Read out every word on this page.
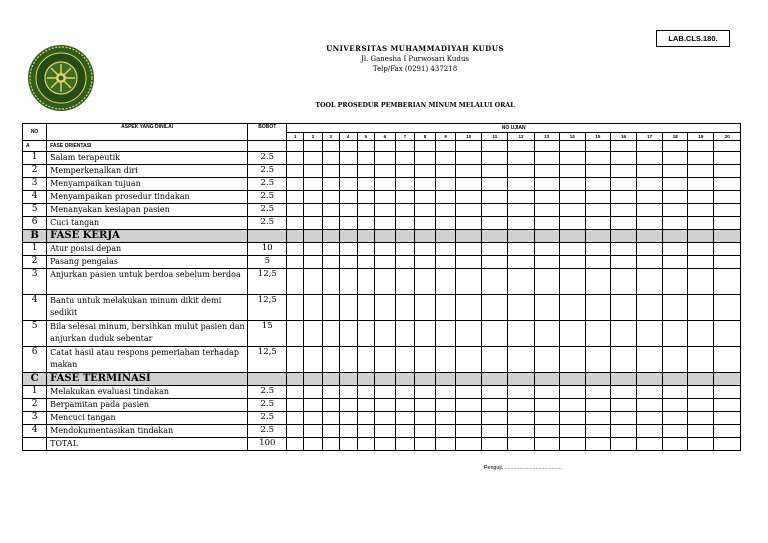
LAB.CLS.180.
UNIVERSITAS MUHAMMADIYAH KUDUS
Jl. Ganesha I Purwosari Kudus
Telp/Fax (0291) 437218
TOOL PROSEDUR PEMBERIAN MINUM MELALUI ORAL
NO	ASPEK YANG DINILAI	BOBOT	NO UJIAN																			
			1	2	3	4	5	6	7	8	9	10	11	12	13	14	15	16	17	18	19	20
A	FASE ORIENTASI																					
1	Salam terapeutik	2.5																				
2	Memperkenalkan diri	2.5																				
3	Menyampaikan tujuan	2.5																				
4	Menyampaikan prosedur tindakan	2.5																				
5	Menanyakan kesiapan pasien	2.5																				
6	Cuci tangan	2.5																				
B	FASE KERJA																					
1	Atur posisi depan	10																				
2	Pasang pengalas	5																				
3	Anjurkan pasien untuk berdoa sebelum berdoa	12,5																				
4	Bantu untuk melakukan minum dikit demi sedikit	12,5																				
5	Bila selesai minum, bersihkan mulut pasien dan anjurkan duduk sebentar	15																				
6	Catat hasil atau respons pemeriahan terhadap makan	12,5																				
C	FASE TERMINASI																					
1	Melakukan evaluasi tindakan	2.5																				
2	Berpamitan pada pasien	2.5																				
3	Mencuci tangan	2.5																				
4	Mendokumentasikan tindakan	2.5																				
	TOTAL	100																				
Penguji, .......................................
